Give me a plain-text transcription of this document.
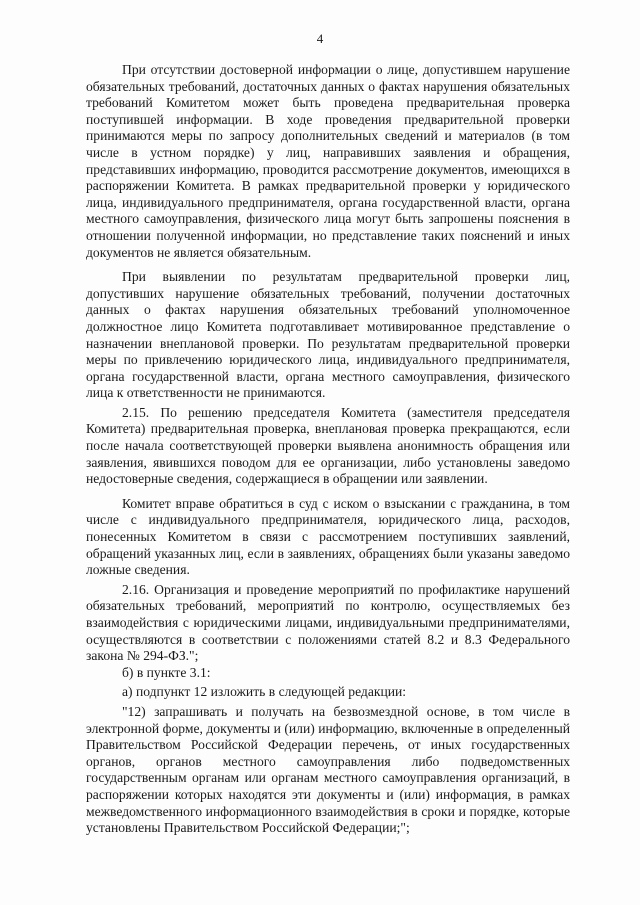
4

При отсутствии достоверной информации о лице, допустившем нарушение обязательных требований, достаточных данных о фактах нарушения обязательных требований Комитетом может быть проведена предварительная проверка поступившей информации. В ходе проведения предварительной проверки принимаются меры по запросу дополнительных сведений и материалов (в том числе в устном порядке) у лиц, направивших заявления и обращения, представивших информацию, проводится рассмотрение документов, имеющихся в распоряжении Комитета. В рамках предварительной проверки у юридического лица, индивидуального предпринимателя, органа государственной власти, органа местного самоуправления, физического лица могут быть запрошены пояснения в отношении полученной информации, но представление таких пояснений и иных документов не является обязательным.

При выявлении по результатам предварительной проверки лиц, допустивших нарушение обязательных требований, получении достаточных данных о фактах нарушения обязательных требований уполномоченное должностное лицо Комитета подготавливает мотивированное представление о назначении внеплановой проверки. По результатам предварительной проверки меры по привлечению юридического лица, индивидуального предпринимателя, органа государственной власти, органа местного самоуправления, физического лица к ответственности не принимаются.

2.15. По решению председателя Комитета (заместителя председателя Комитета) предварительная проверка, внеплановая проверка прекращаются, если после начала соответствующей проверки выявлена анонимность обращения или заявления, явившихся поводом для ее организации, либо установлены заведомо недостоверные сведения, содержащиеся в обращении или заявлении.

Комитет вправе обратиться в суд с иском о взыскании с гражданина, в том числе с индивидуального предпринимателя, юридического лица, расходов, понесенных Комитетом в связи с рассмотрением поступивших заявлений, обращений указанных лиц, если в заявлениях, обращениях были указаны заведомо ложные сведения.

2.16. Организация и проведение мероприятий по профилактике нарушений обязательных требований, мероприятий по контролю, осуществляемых без взаимодействия с юридическими лицами, индивидуальными предпринимателями, осуществляются в соответствии с положениями статей 8.2 и 8.3 Федерального закона № 294-ФЗ.";

б) в пункте 3.1:

а) подпункт 12 изложить в следующей редакции:

"12) запрашивать и получать на безвозмездной основе, в том числе в электронной форме, документы и (или) информацию, включенные в определенный Правительством Российской Федерации перечень, от иных государственных органов, органов местного самоуправления либо подведомственных государственным органам или органам местного самоуправления организаций, в распоряжении которых находятся эти документы и (или) информация, в рамках межведомственного информационного взаимодействия в сроки и порядке, которые установлены Правительством Российской Федерации;";
